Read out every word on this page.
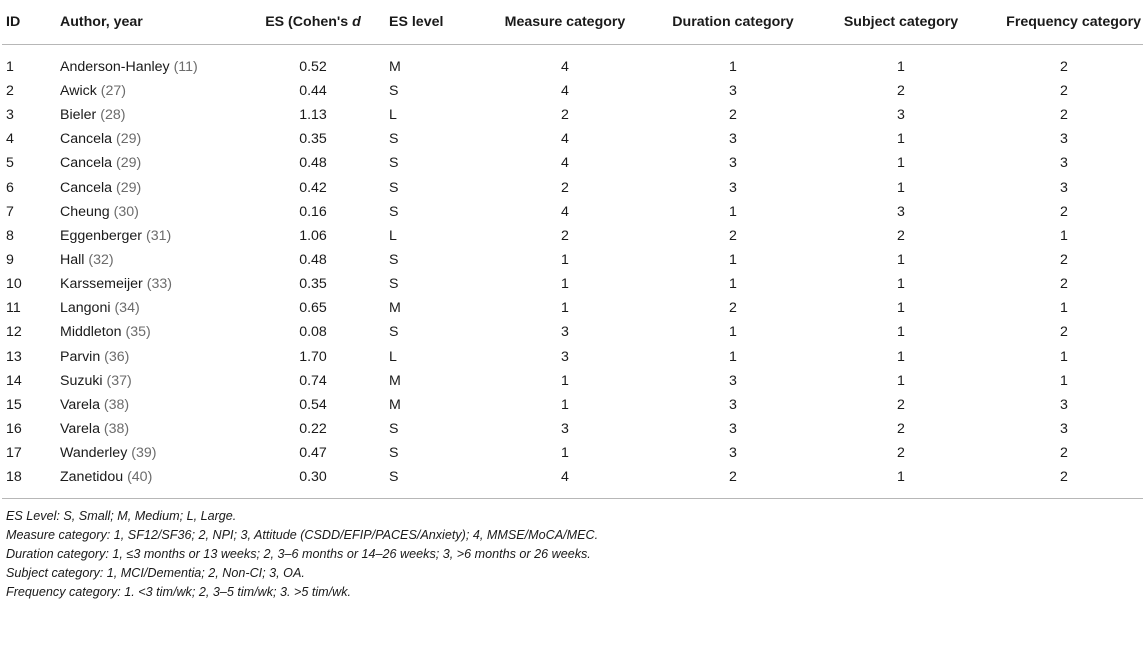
ID	Author, year	ES (Cohen's d	ES level	Measure category	Duration category	Subject category	Frequency category
1	Anderson-Hanley (11)	0.52	M	4	1	1	2
2	Awick (27)	0.44	S	4	3	2	2
3	Bieler (28)	1.13	L	2	2	3	2
4	Cancela (29)	0.35	S	4	3	1	3
5	Cancela (29)	0.48	S	4	3	1	3
6	Cancela (29)	0.42	S	2	3	1	3
7	Cheung (30)	0.16	S	4	1	3	2
8	Eggenberger (31)	1.06	L	2	2	2	1
9	Hall (32)	0.48	S	1	1	1	2
10	Karssemeijer (33)	0.35	S	1	1	1	2
11	Langoni (34)	0.65	M	1	2	1	1
12	Middleton (35)	0.08	S	3	1	1	2
13	Parvin (36)	1.70	L	3	1	1	1
14	Suzuki (37)	0.74	M	1	3	1	1
15	Varela (38)	0.54	M	1	3	2	3
16	Varela (38)	0.22	S	3	3	2	3
17	Wanderley (39)	0.47	S	1	3	2	2
18	Zanetidou (40)	0.30	S	4	2	1	2
ES Level: S, Small; M, Medium; L, Large.
Measure category: 1, SF12/SF36; 2, NPI; 3, Attitude (CSDD/EFIP/PACES/Anxiety); 4, MMSE/MoCA/MEC.
Duration category: 1, ≤3 months or 13 weeks; 2, 3–6 months or 14–26 weeks; 3, >6 months or 26 weeks.
Subject category: 1, MCI/Dementia; 2, Non-CI; 3, OA.
Frequency category: 1. <3 tim/wk; 2, 3–5 tim/wk; 3. >5 tim/wk.
